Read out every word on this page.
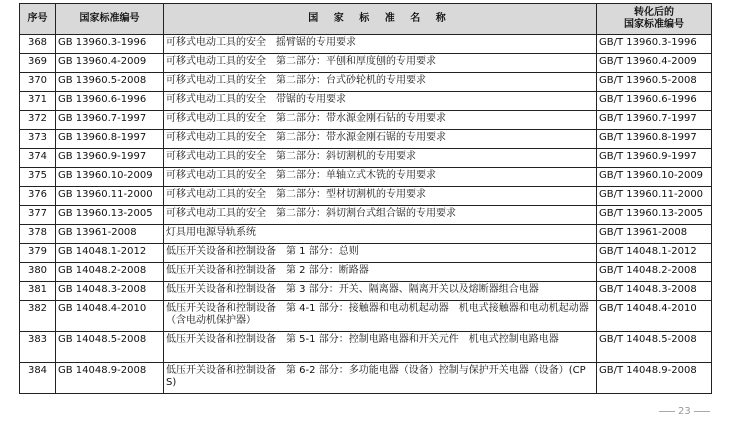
序号	国家标准编号	国 家 标 准 名 称	转化后的
国家标准编号

368	GB 13960.3-1996	可移式电动工具的安全　摇臂锯的专用要求	GB/T 13960.3-1996
369	GB 13960.4-2009	可移式电动工具的安全　第二部分：平刨和厚度刨的专用要求	GB/T 13960.4-2009
370	GB 13960.5-2008	可移式电动工具的安全　第二部分：台式砂轮机的专用要求	GB/T 13960.5-2008
371	GB 13960.6-1996	可移式电动工具的安全　带锯的专用要求	GB/T 13960.6-1996
372	GB 13960.7-1997	可移式电动工具的安全　第二部分：带水源金刚石钻的专用要求	GB/T 13960.7-1997
373	GB 13960.8-1997	可移式电动工具的安全　第二部分：带水源金刚石锯的专用要求	GB/T 13960.8-1997
374	GB 13960.9-1997	可移式电动工具的安全　第二部分：斜切割机的专用要求	GB/T 13960.9-1997
375	GB 13960.10-2009	可移式电动工具的安全　第二部分：单轴立式木铣的专用要求	GB/T 13960.10-2009
376	GB 13960.11-2000	可移式电动工具的安全　第二部分：型材切割机的专用要求	GB/T 13960.11-2000
377	GB 13960.13-2005	可移式电动工具的安全　第二部分：斜切割台式组合锯的专用要求	GB/T 13960.13-2005
378	GB 13961-2008	灯具用电源导轨系统	GB/T 13961-2008
379	GB 14048.1-2012	低压开关设备和控制设备　第 1 部分：总则	GB/T 14048.1-2012
380	GB 14048.2-2008	低压开关设备和控制设备　第 2 部分：断路器	GB/T 14048.2-2008
381	GB 14048.3-2008	低压开关设备和控制设备　第 3 部分：开关、隔离器、隔离开关以及熔断器组合电器	GB/T 14048.3-2008
382	GB 14048.4-2010	低压开关设备和控制设备　第 4-1 部分：接触器和电动机起动器　机电式接触器和电动机起动器（含电动机保护器）	GB/T 14048.4-2010
383	GB 14048.5-2008	低压开关设备和控制设备　第 5-1 部分：控制电路电器和开关元件　机电式控制电路电器	GB/T 14048.5-2008
384	GB 14048.9-2008	低压开关设备和控制设备　第 6-2 部分：多功能电器（设备）控制与保护开关电器（设备）(CPS)	GB/T 14048.9-2008
23
